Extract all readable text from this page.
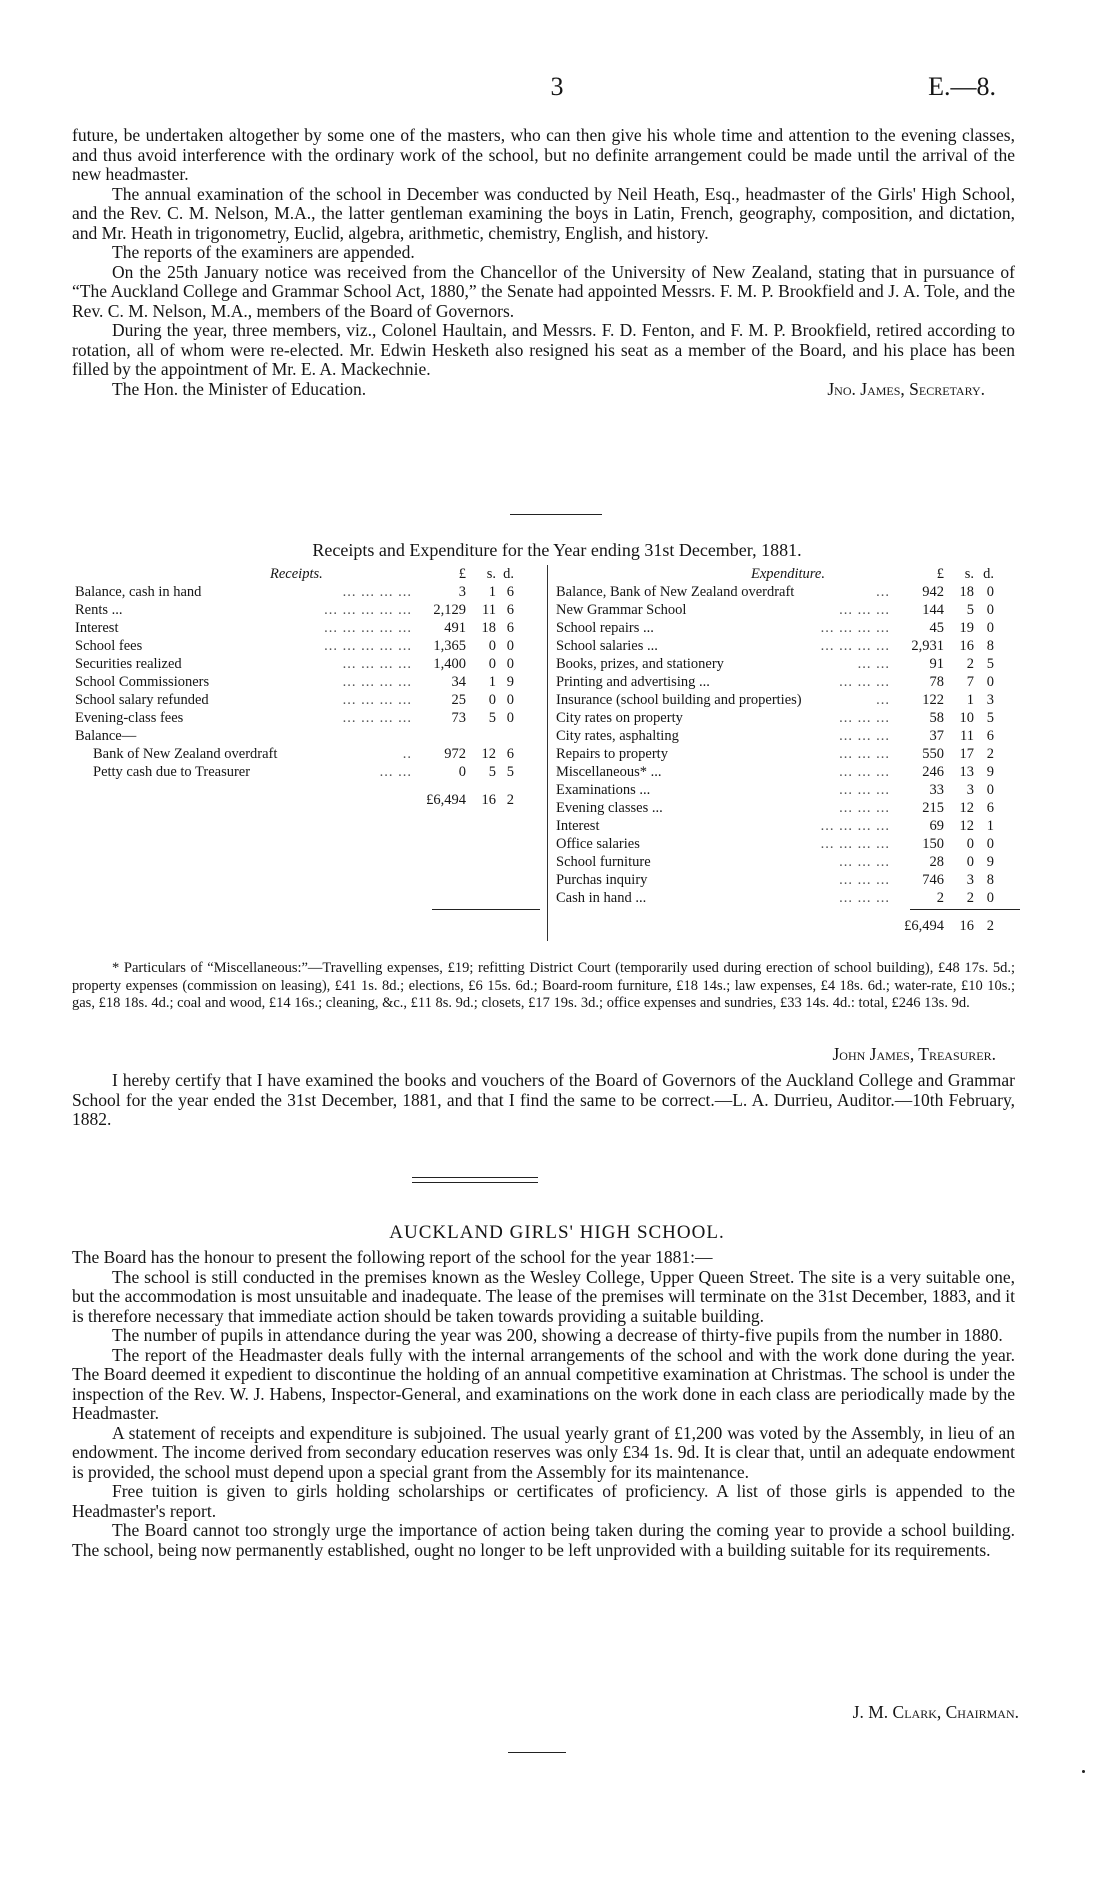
3	E.—8.

future, be undertaken altogether by some one of the masters, who can then give his whole time and attention to the evening classes, and thus avoid interference with the ordinary work of the school, but no definite arrangement could be made until the arrival of the new headmaster.

The annual examination of the school in December was conducted by Neil Heath, Esq., headmaster of the Girls' High School, and the Rev. C. M. Nelson, M.A., the latter gentleman examining the boys in Latin, French, geography, composition, and dictation, and Mr. Heath in trigonometry, Euclid, algebra, arithmetic, chemistry, English, and history.

The reports of the examiners are appended.

On the 25th January notice was received from the Chancellor of the University of New Zealand, stating that in pursuance of “The Auckland College and Grammar School Act, 1880,” the Senate had appointed Messrs. F. M. P. Brookfield and J. A. Tole, and the Rev. C. M. Nelson, M.A., members of the Board of Governors.

During the year, three members, viz., Colonel Haultain, and Messrs. F. D. Fenton, and F. M. P. Brookfield, retired according to rotation, all of whom were re-elected. Mr. Edwin Hesketh also resigned his seat as a member of the Board, and his place has been filled by the appointment of Mr. E. A. Mackechnie.

The Hon. the Minister of Education.	Jno. James, Secretary.
Receipts and Expenditure for the Year ending 31st December, 1881.
Receipts.	£	s. d.
Balance, cash in hand	... ... ... ...	3	1 6
Rents ...	... ... ... ... ...	2,129	11 6
Interest	... ... ... ... ...	491	18 6
School fees	... ... ... ... ...	1,365	0 0
Securities realized	... ... ... ...	1,400	0 0
School Commissioners	... ... ... ...	34	1 9
School salary refunded	... ... ... ...	25	0 0
Evening-class fees	... ... ... ...	73	5 0
Balance—
Bank of New Zealand overdraft	..	972	12 6
Petty cash due to Treasurer	... ...	0	5 5
£6,494	16 2
Expenditure.	£	s. d.
Balance, Bank of New Zealand overdraft	...	942	18 0
New Grammar School	... ... ...	144	5 0
School repairs ...	... ... ... ...	45	19 0
School salaries ...	... ... ... ...	2,931	16 8
Books, prizes, and stationery	... ...	91	2 5
Printing and advertising ...	... ... ...	78	7 0
Insurance (school building and properties)	...	122	1 3
City rates on property	... ... ...	58	10 5
City rates, asphalting	... ... ...	37	11 6
Repairs to property	... ... ...	550	17 2
Miscellaneous* ...	... ... ...	246	13 9
Examinations ...	... ... ...	33	3 0
Evening classes ...	... ... ...	215	12 6
Interest	... ... ... ...	69	12 1
Office salaries	... ... ... ...	150	0 0
School furniture	... ... ...	28	0 9
Purchas inquiry	... ... ...	746	3 8
Cash in hand ...	... ... ...	2	2 0
£6,494	16 2

* Particulars of “Miscellaneous:”—Travelling expenses, £19; refitting District Court (temporarily used during erection of school building), £48 17s. 5d.; property expenses (commission on leasing), £41 1s. 8d.; elections, £6 15s. 6d.; Board-room furniture, £18 14s.; law expenses, £4 18s. 6d.; water-rate, £10 10s.; gas, £18 18s. 4d.; coal and wood, £14 16s.; cleaning, &c., £11 8s. 9d.; closets, £17 19s. 3d.; office expenses and sundries, £33 14s. 4d.: total, £246 13s. 9d.

John James, Treasurer.

I hereby certify that I have examined the books and vouchers of the Board of Governors of the Auckland College and Grammar School for the year ended the 31st December, 1881, and that I find the same to be correct.—L. A. Durrieu, Auditor.—10th February, 1882.

AUCKLAND GIRLS' HIGH SCHOOL.

The Board has the honour to present the following report of the school for the year 1881:—

The school is still conducted in the premises known as the Wesley College, Upper Queen Street. The site is a very suitable one, but the accommodation is most unsuitable and inadequate. The lease of the premises will terminate on the 31st December, 1883, and it is therefore necessary that immediate action should be taken towards providing a suitable building.

The number of pupils in attendance during the year was 200, showing a decrease of thirty-five pupils from the number in 1880.

The report of the Headmaster deals fully with the internal arrangements of the school and with the work done during the year. The Board deemed it expedient to discontinue the holding of an annual competitive examination at Christmas. The school is under the inspection of the Rev. W. J. Habens, Inspector-General, and examinations on the work done in each class are periodically made by the Headmaster.

A statement of receipts and expenditure is subjoined. The usual yearly grant of £1,200 was voted by the Assembly, in lieu of an endowment. The income derived from secondary education reserves was only £34 1s. 9d. It is clear that, until an adequate endowment is provided, the school must depend upon a special grant from the Assembly for its maintenance.

Free tuition is given to girls holding scholarships or certificates of proficiency. A list of those girls is appended to the Headmaster's report.

The Board cannot too strongly urge the importance of action being taken during the coming year to provide a school building. The school, being now permanently established, ought no longer to be left unprovided with a building suitable for its requirements.

J. M. Clark, Chairman.
